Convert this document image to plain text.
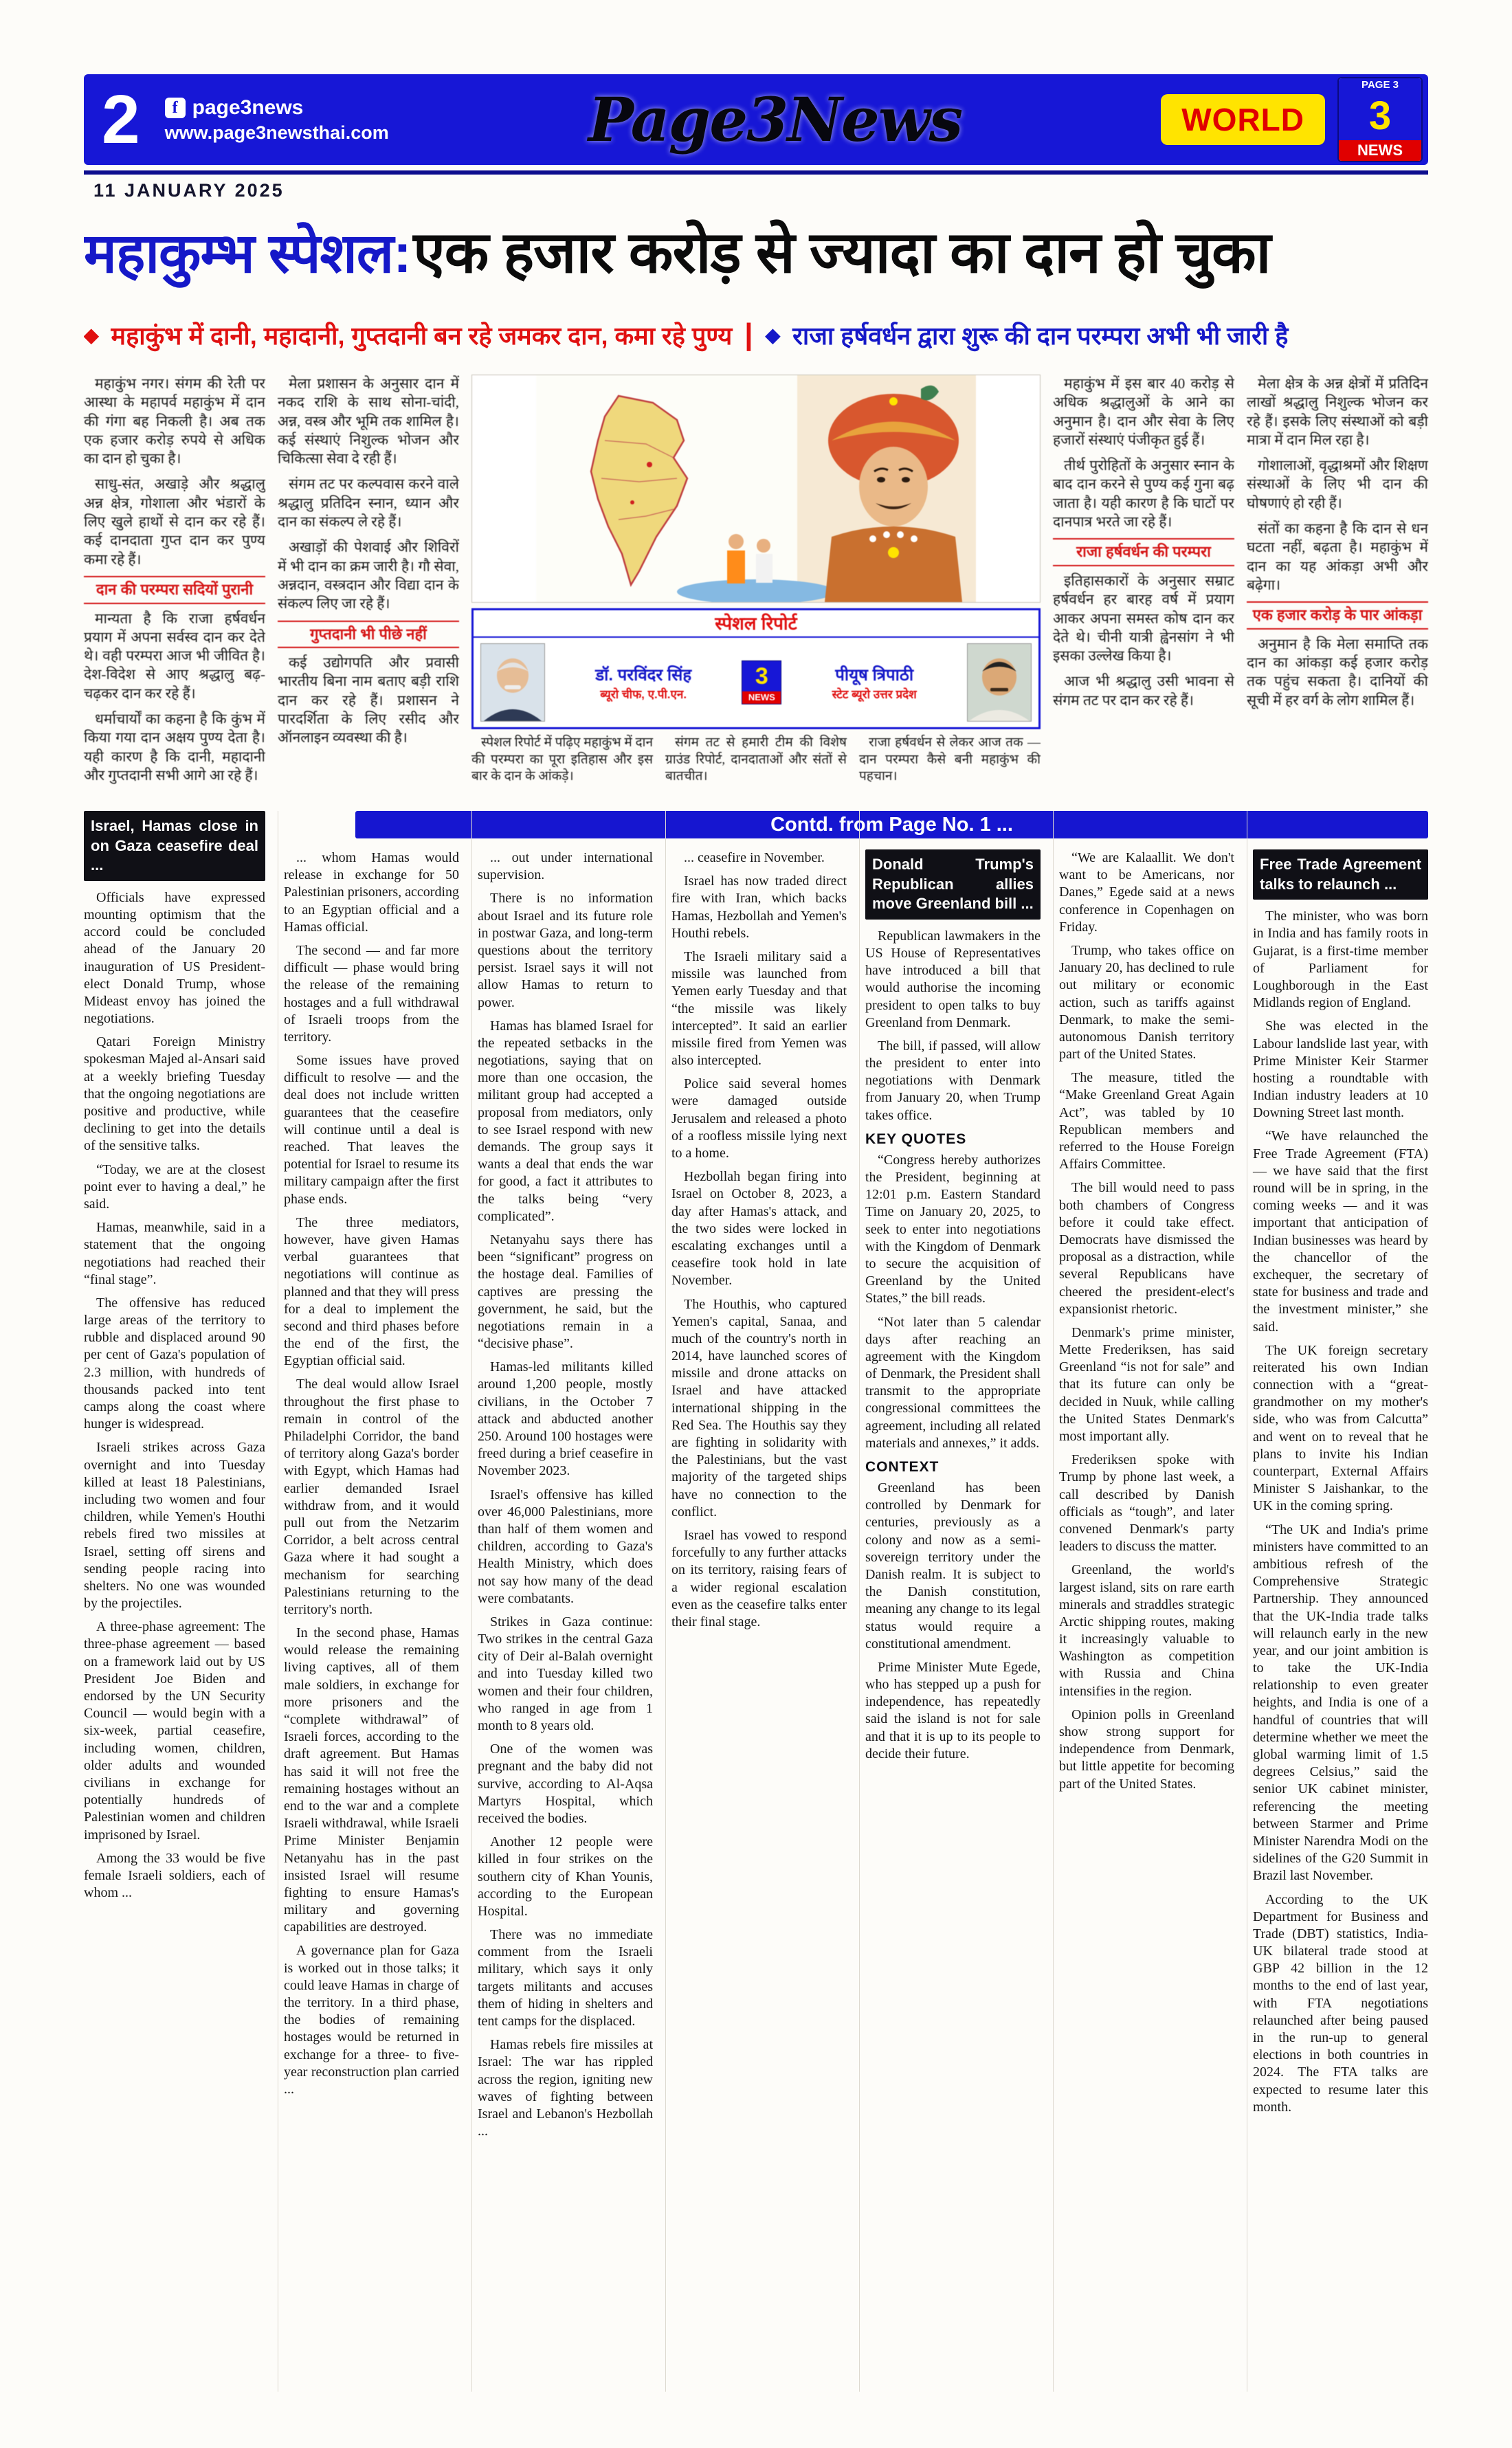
2	f page3news
www.page3newsthai.com	Page3News	WORLD
PAGE 3
3
NEWS
11 JANUARY 2025
महाकुम्भ स्पेशल: एक हजार करोड़ से ज्यादा का दान हो चुका
◆ महाकुंभ में दानी, महादानी, गुप्तदानी बन रहे जमकर दान, कमा रहे पुण्य | ◆ राजा हर्षवर्धन द्वारा शुरू की दान परम्परा अभी भी जारी है

महाकुंभ नगर। संगम की रेती पर आस्था के महापर्व महाकुंभ में दान की गंगा बह निकली है। अब तक एक हजार करोड़ रुपये से अधिक का दान हो चुका है।

साधु-संत, अखाड़े और श्रद्धालु अन्न क्षेत्र, गोशाला और भंडारों के लिए खुले हाथों से दान कर रहे हैं। कई दानदाता गुप्त दान कर पुण्य कमा रहे हैं।

दान की परम्परा सदियों पुरानी

मान्यता है कि राजा हर्षवर्धन प्रयाग में अपना सर्वस्व दान कर देते थे। वही परम्परा आज भी जीवित है। देश-विदेश से आए श्रद्धालु बढ़-चढ़कर दान कर रहे हैं।

धर्माचार्यों का कहना है कि कुंभ में किया गया दान अक्षय पुण्य देता है। यही कारण है कि दानी, महादानी और गुप्तदानी सभी आगे आ रहे हैं।

मेला प्रशासन के अनुसार दान में नकद राशि के साथ सोना-चांदी, अन्न, वस्त्र और भूमि तक शामिल है। कई संस्थाएं निशुल्क भोजन और चिकित्सा सेवा दे रही हैं।

संगम तट पर कल्पवास करने वाले श्रद्धालु प्रतिदिन स्नान, ध्यान और दान का संकल्प ले रहे हैं।

अखाड़ों की पेशवाई और शिविरों में भी दान का क्रम जारी है। गौ सेवा, अन्नदान, वस्त्रदान और विद्या दान के संकल्प लिए जा रहे हैं।

गुप्तदानी भी पीछे नहीं

कई उद्योगपति और प्रवासी भारतीय बिना नाम बताए बड़ी राशि दान कर रहे हैं। प्रशासन ने पारदर्शिता के लिए रसीद और ऑनलाइन व्यवस्था की है।

स्पेशल रिपोर्ट
डॉ. परविंदर सिंह
ब्यूरो चीफ, ए.पी.एन.
3
NEWS
पीयूष त्रिपाठी
स्टेट ब्यूरो उत्तर प्रदेश

स्पेशल रिपोर्ट में पढ़िए महाकुंभ में दान की परम्परा का पूरा इतिहास और इस बार के दान के आंकड़े।

संगम तट से हमारी टीम की विशेष ग्राउंड रिपोर्ट, दानदाताओं और संतों से बातचीत।

राजा हर्षवर्धन से लेकर आज तक — दान परम्परा कैसे बनी महाकुंभ की पहचान।

महाकुंभ में इस बार 40 करोड़ से अधिक श्रद्धालुओं के आने का अनुमान है। दान और सेवा के लिए हजारों संस्थाएं पंजीकृत हुई हैं।

तीर्थ पुरोहितों के अनुसार स्नान के बाद दान करने से पुण्य कई गुना बढ़ जाता है। यही कारण है कि घाटों पर दानपात्र भरते जा रहे हैं।

राजा हर्षवर्धन की परम्परा

इतिहासकारों के अनुसार सम्राट हर्षवर्धन हर बारह वर्ष में प्रयाग आकर अपना समस्त कोष दान कर देते थे। चीनी यात्री ह्वेनसांग ने भी इसका उल्लेख किया है।

आज भी श्रद्धालु उसी भावना से संगम तट पर दान कर रहे हैं।

मेला क्षेत्र के अन्न क्षेत्रों में प्रतिदिन लाखों श्रद्धालु निशुल्क भोजन कर रहे हैं। इसके लिए संस्थाओं को बड़ी मात्रा में दान मिल रहा है।

गोशालाओं, वृद्धाश्रमों और शिक्षण संस्थाओं के लिए भी दान की घोषणाएं हो रही हैं।

संतों का कहना है कि दान से धन घटता नहीं, बढ़ता है। महाकुंभ में दान का यह आंकड़ा अभी और बढ़ेगा।

एक हजार करोड़ के पार आंकड़ा

अनुमान है कि मेला समाप्ति तक दान का आंकड़ा कई हजार करोड़ तक पहुंच सकता है। दानियों की सूची में हर वर्ग के लोग शामिल हैं।

Contd. from Page No. 1 ...
Israel, Hamas close in on Gaza ceasefire deal ...

Officials have expressed mounting optimism that the accord could be concluded ahead of the January 20 inauguration of US President-elect Donald Trump, whose Mideast envoy has joined the negotiations.

Qatari Foreign Ministry spokesman Majed al-Ansari said at a weekly briefing Tuesday that the ongoing negotiations are positive and productive, while declining to get into the details of the sensitive talks.

“Today, we are at the closest point ever to having a deal,” he said.

Hamas, meanwhile, said in a statement that the ongoing negotiations had reached their “final stage”.

The offensive has reduced large areas of the territory to rubble and displaced around 90 per cent of Gaza's population of 2.3 million, with hundreds of thousands packed into tent camps along the coast where hunger is widespread.

Israeli strikes across Gaza overnight and into Tuesday killed at least 18 Palestinians, including two women and four children, while Yemen's Houthi rebels fired two missiles at Israel, setting off sirens and sending people racing into shelters. No one was wounded by the projectiles.

A three-phase agreement: The three-phase agreement — based on a framework laid out by US President Joe Biden and endorsed by the UN Security Council — would begin with a six-week, partial ceasefire, including women, children, older adults and wounded civilians in exchange for potentially hundreds of Palestinian women and children imprisoned by Israel.

Among the 33 would be five female Israeli soldiers, each of whom ...

... whom Hamas would release in exchange for 50 Palestinian prisoners, according to an Egyptian official and a Hamas official.

The second — and far more difficult — phase would bring the release of the remaining hostages and a full withdrawal of Israeli troops from the territory.

Some issues have proved difficult to resolve — and the deal does not include written guarantees that the ceasefire will continue until a deal is reached. That leaves the potential for Israel to resume its military campaign after the first phase ends.

The three mediators, however, have given Hamas verbal guarantees that negotiations will continue as planned and that they will press for a deal to implement the second and third phases before the end of the first, the Egyptian official said.

The deal would allow Israel throughout the first phase to remain in control of the Philadelphi Corridor, the band of territory along Gaza's border with Egypt, which Hamas had earlier demanded Israel withdraw from, and it would pull out from the Netzarim Corridor, a belt across central Gaza where it had sought a mechanism for searching Palestinians returning to the territory's north.

In the second phase, Hamas would release the remaining living captives, all of them male soldiers, in exchange for more prisoners and the “complete withdrawal” of Israeli forces, according to the draft agreement. But Hamas has said it will not free the remaining hostages without an end to the war and a complete Israeli withdrawal, while Israeli Prime Minister Benjamin Netanyahu has in the past insisted Israel will resume fighting to ensure Hamas's military and governing capabilities are destroyed.

A governance plan for Gaza is worked out in those talks; it could leave Hamas in charge of the territory. In a third phase, the bodies of remaining hostages would be returned in exchange for a three- to five-year reconstruction plan carried ...

... out under international supervision.

There is no information about Israel and its future role in postwar Gaza, and long-term questions about the territory persist. Israel says it will not allow Hamas to return to power.

Hamas has blamed Israel for the repeated setbacks in the negotiations, saying that on more than one occasion, the militant group had accepted a proposal from mediators, only to see Israel respond with new demands. The group says it wants a deal that ends the war for good, a fact it attributes to the talks being “very complicated”.

Netanyahu says there has been “significant” progress on the hostage deal. Families of captives are pressing the government, he said, but the negotiations remain in a “decisive phase”.

Hamas-led militants killed around 1,200 people, mostly civilians, in the October 7 attack and abducted another 250. Around 100 hostages were freed during a brief ceasefire in November 2023.

Israel's offensive has killed over 46,000 Palestinians, more than half of them women and children, according to Gaza's Health Ministry, which does not say how many of the dead were combatants.

Strikes in Gaza continue: Two strikes in the central Gaza city of Deir al-Balah overnight and into Tuesday killed two women and their four children, who ranged in age from 1 month to 8 years old.

One of the women was pregnant and the baby did not survive, according to Al-Aqsa Martyrs Hospital, which received the bodies.

Another 12 people were killed in four strikes on the southern city of Khan Younis, according to the European Hospital.

There was no immediate comment from the Israeli military, which says it only targets militants and accuses them of hiding in shelters and tent camps for the displaced.

Hamas rebels fire missiles at Israel: The war has rippled across the region, igniting new waves of fighting between Israel and Lebanon's Hezbollah ...

... ceasefire in November.

Israel has now traded direct fire with Iran, which backs Hamas, Hezbollah and Yemen's Houthi rebels.

The Israeli military said a missile was launched from Yemen early Tuesday and that “the missile was likely intercepted”. It said an earlier missile fired from Yemen was also intercepted.

Police said several homes were damaged outside Jerusalem and released a photo of a roofless missile lying next to a home.

Hezbollah began firing into Israel on October 8, 2023, a day after Hamas's attack, and the two sides were locked in escalating exchanges until a ceasefire took hold in late November.

The Houthis, who captured Yemen's capital, Sanaa, and much of the country's north in 2014, have launched scores of missile and drone attacks on Israel and have attacked international shipping in the Red Sea. The Houthis say they are fighting in solidarity with the Palestinians, but the vast majority of the targeted ships have no connection to the conflict.

Israel has vowed to respond forcefully to any further attacks on its territory, raising fears of a wider regional escalation even as the ceasefire talks enter their final stage.

Donald Trump's Republican allies move Greenland bill ...

Republican lawmakers in the US House of Representatives have introduced a bill that would authorise the incoming president to open talks to buy Greenland from Denmark.

The bill, if passed, will allow the president to enter into negotiations with Denmark from January 20, when Trump takes office.

KEY QUOTES

“Congress hereby authorizes the President, beginning at 12:01 p.m. Eastern Standard Time on January 20, 2025, to seek to enter into negotiations with the Kingdom of Denmark to secure the acquisition of Greenland by the United States,” the bill reads.

“Not later than 5 calendar days after reaching an agreement with the Kingdom of Denmark, the President shall transmit to the appropriate congressional committees the agreement, including all related materials and annexes,” it adds.

CONTEXT

Greenland has been controlled by Denmark for centuries, previously as a colony and now as a semi-sovereign territory under the Danish realm. It is subject to the Danish constitution, meaning any change to its legal status would require a constitutional amendment.

Prime Minister Mute Egede, who has stepped up a push for independence, has repeatedly said the island is not for sale and that it is up to its people to decide their future.

“We are Kalaallit. We don't want to be Americans, nor Danes,” Egede said at a news conference in Copenhagen on Friday.

Trump, who takes office on January 20, has declined to rule out military or economic action, such as tariffs against Denmark, to make the semi-autonomous Danish territory part of the United States.

The measure, titled the “Make Greenland Great Again Act”, was tabled by 10 Republican members and referred to the House Foreign Affairs Committee.

The bill would need to pass both chambers of Congress before it could take effect. Democrats have dismissed the proposal as a distraction, while several Republicans have cheered the president-elect's expansionist rhetoric.

Denmark's prime minister, Mette Frederiksen, has said Greenland “is not for sale” and that its future can only be decided in Nuuk, while calling the United States Denmark's most important ally.

Frederiksen spoke with Trump by phone last week, a call described by Danish officials as “tough”, and later convened Denmark's party leaders to discuss the matter.

Greenland, the world's largest island, sits on rare earth minerals and straddles strategic Arctic shipping routes, making it increasingly valuable to Washington as competition with Russia and China intensifies in the region.

Opinion polls in Greenland show strong support for independence from Denmark, but little appetite for becoming part of the United States.

Free Trade Agreement talks to relaunch ...

The minister, who was born in India and has family roots in Gujarat, is a first-time member of Parliament for Loughborough in the East Midlands region of England.

She was elected in the Labour landslide last year, with Prime Minister Keir Starmer hosting a roundtable with Indian industry leaders at 10 Downing Street last month.

“We have relaunched the Free Trade Agreement (FTA) — we have said that the first round will be in spring, in the coming weeks — and it was important that anticipation of Indian businesses was heard by the chancellor of the exchequer, the secretary of state for business and trade and the investment minister,” she said.

The UK foreign secretary reiterated his own Indian connection with a “great-grandmother on my mother's side, who was from Calcutta” and went on to reveal that he plans to invite his Indian counterpart, External Affairs Minister S Jaishankar, to the UK in the coming spring.

“The UK and India's prime ministers have committed to an ambitious refresh of the Comprehensive Strategic Partnership. They announced that the UK-India trade talks will relaunch early in the new year, and our joint ambition is to take the UK-India relationship to even greater heights, and India is one of a handful of countries that will determine whether we meet the global warming limit of 1.5 degrees Celsius,” said the senior UK cabinet minister, referencing the meeting between Starmer and Prime Minister Narendra Modi on the sidelines of the G20 Summit in Brazil last November.

According to the UK Department for Business and Trade (DBT) statistics, India-UK bilateral trade stood at GBP 42 billion in the 12 months to the end of last year, with FTA negotiations relaunched after being paused in the run-up to general elections in both countries in 2024. The FTA talks are expected to resume later this month.
